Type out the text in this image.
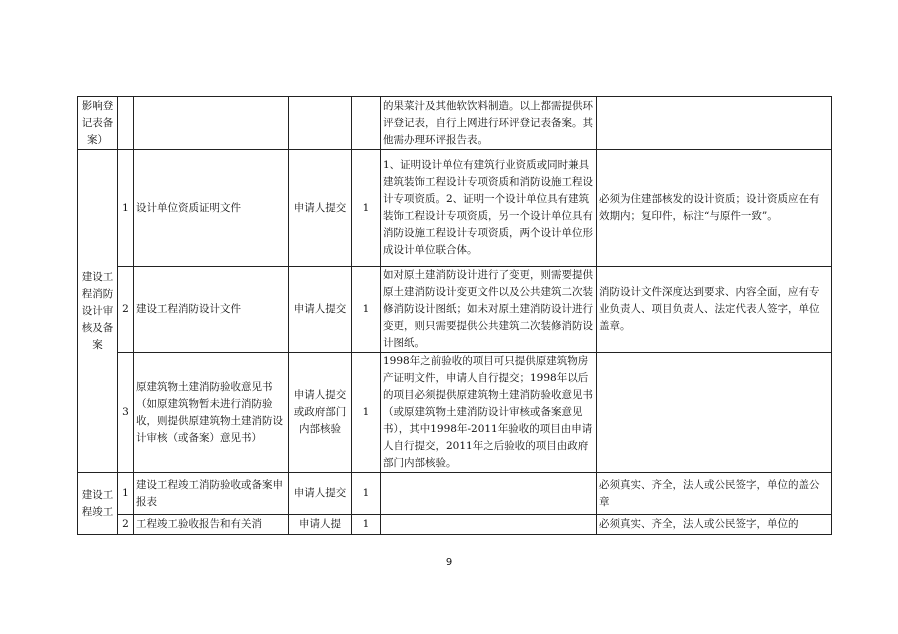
影响登记表备案）					的果菜汁及其他软饮料制造。以上都需提供环评登记表，自行上网进行环评登记表备案。其他需办理环评报告表。	
建设工程消防设计审核及备案	1	设计单位资质证明文件	申请人提交	1	1、证明设计单位有建筑行业资质或同时兼具建筑装饰工程设计专项资质和消防设施工程设计专项资质。2、证明一个设计单位具有建筑装饰工程设计专项资质，另一个设计单位具有消防设施工程设计专项资质，两个设计单位形成设计单位联合体。	必须为住建部核发的设计资质；设计资质应在有效期内；复印件，标注“与原件一致”。
	2	建设工程消防设计文件	申请人提交	1	如对原土建消防设计进行了变更，则需要提供原土建消防设计变更文件以及公共建筑二次装修消防设计图纸；如未对原土建消防设计进行变更，则只需要提供公共建筑二次装修消防设计图纸。	消防设计文件深度达到要求、内容全面，应有专业负责人、项目负责人、法定代表人签字，单位盖章。
	3	原建筑物土建消防验收意见书（如原建筑物暂未进行消防验收，则提供原建筑物土建消防设计审核（或备案）意见书）	申请人提交或政府部门内部核验	1	1998年之前验收的项目可只提供原建筑物房产证明文件，申请人自行提交；1998年以后的项目必须提供原建筑物土建消防验收意见书（或原建筑物土建消防设计审核或备案意见书），其中1998年-2011年验收的项目由申请人自行提交，2011年之后验收的项目由政府部门内部核验。	
建设工程竣工	1	建设工程竣工消防验收或备案申报表	申请人提交	1		必须真实、齐全，法人或公民签字，单位的盖公章
	2	工程竣工验收报告和有关消	申请人提	1		必须真实、齐全，法人或公民签字，单位的
9
